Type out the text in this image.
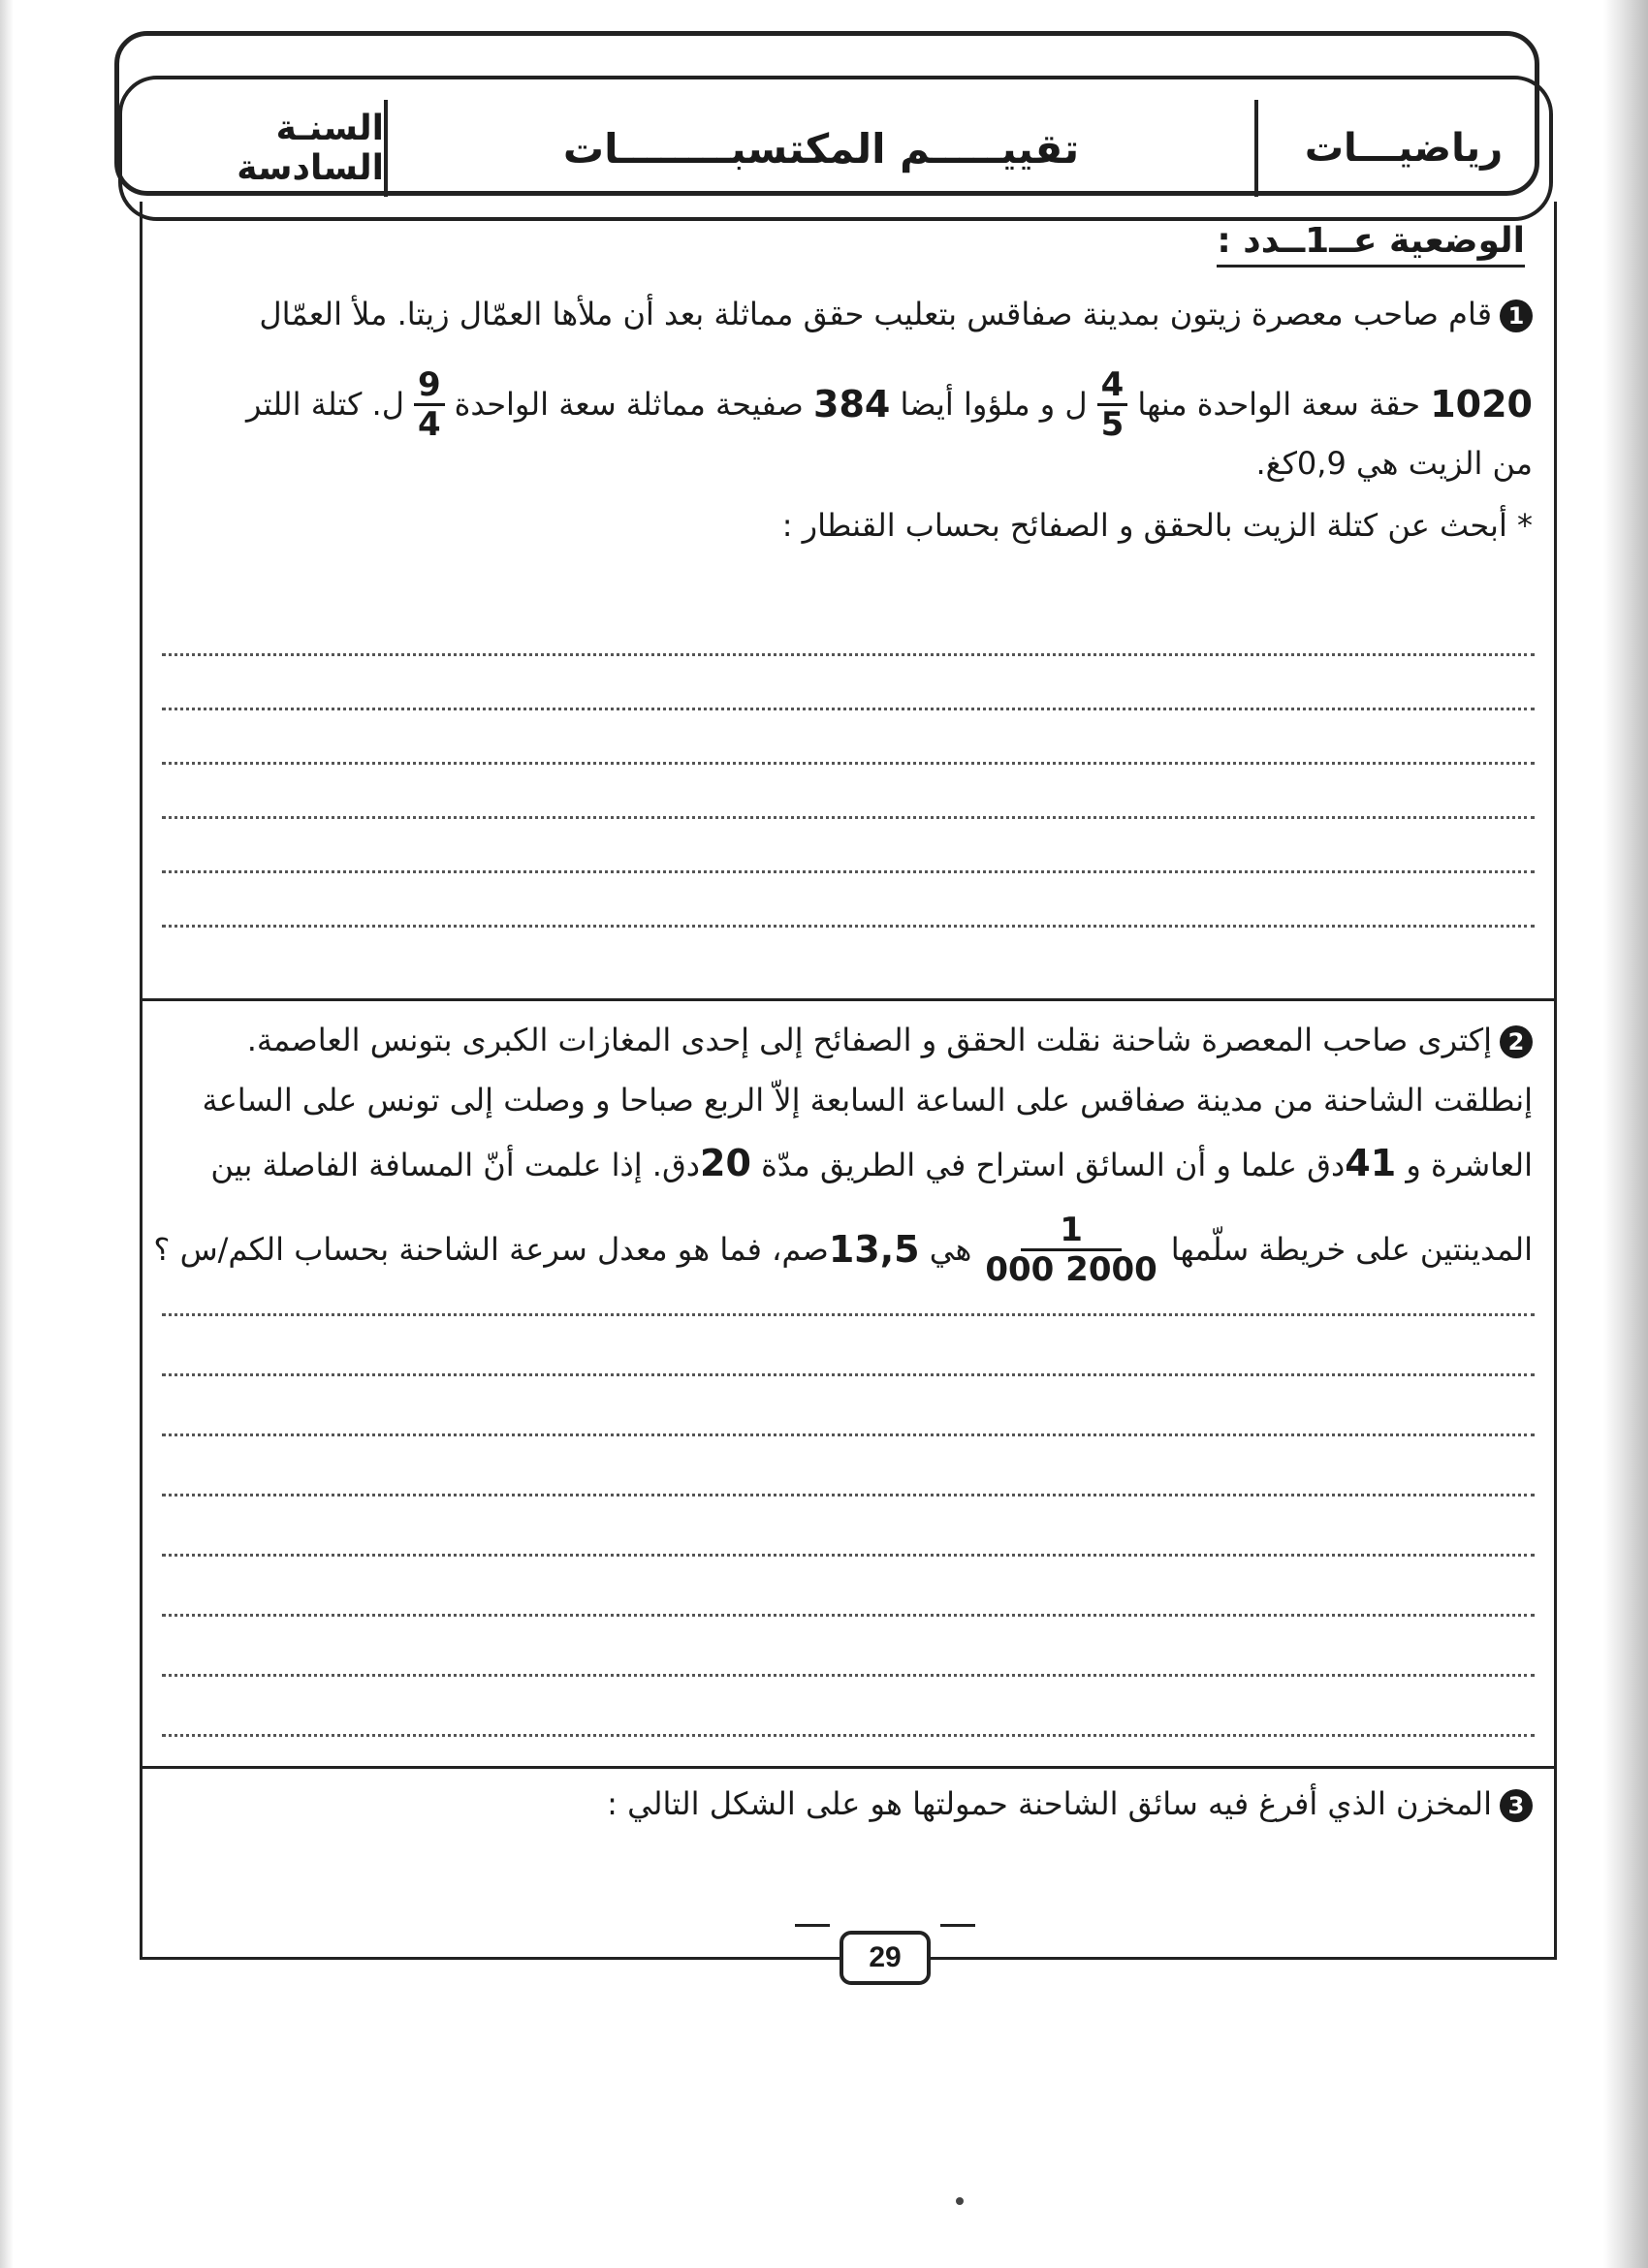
رياضيـــات
تقييـــــم المكتسبــــــــات
السنـة السادسة
الوضعية عــ1ــدد :
1قام صاحب معصرة زيتون بمدينة صفاقس بتعليب حقق مماثلة بعد أن ملأها العمّال زيتا. ملأ العمّال
1020

حقة سعة الواحدة منها
$\frac{4}{5}$
ل و ملؤوا أيضا

384

صفيحة مماثلة سعة الواحدة
$\frac{9}{4}$
ل. كتلة اللتر
من الزيت هي 0,9كغ.
* أبحث عن كتلة الزيت بالحقق و الصفائح بحساب القنطار :
2إكترى صاحب المعصرة شاحنة نقلت الحقق و الصفائح إلى إحدى المغازات الكبرى بتونس العاصمة.
إنطلقت الشاحنة من مدينة صفاقس على الساعة السابعة إلاّ الربع صباحا و وصلت إلى تونس على الساعة
العاشرة و 41دق علما و أن السائق استراح في الطريق مدّة 20دق. إذا علمت أنّ المسافة الفاصلة بين
المدينتين على خريطة سلّمها
$\frac{1}{2000 000}$
هي

13,5
صم، فما هو معدل سرعة الشاحنة بحساب الكم/س ؟
3المخزن الذي أفرغ فيه سائق الشاحنة حمولتها هو على الشكل التالي :
29
